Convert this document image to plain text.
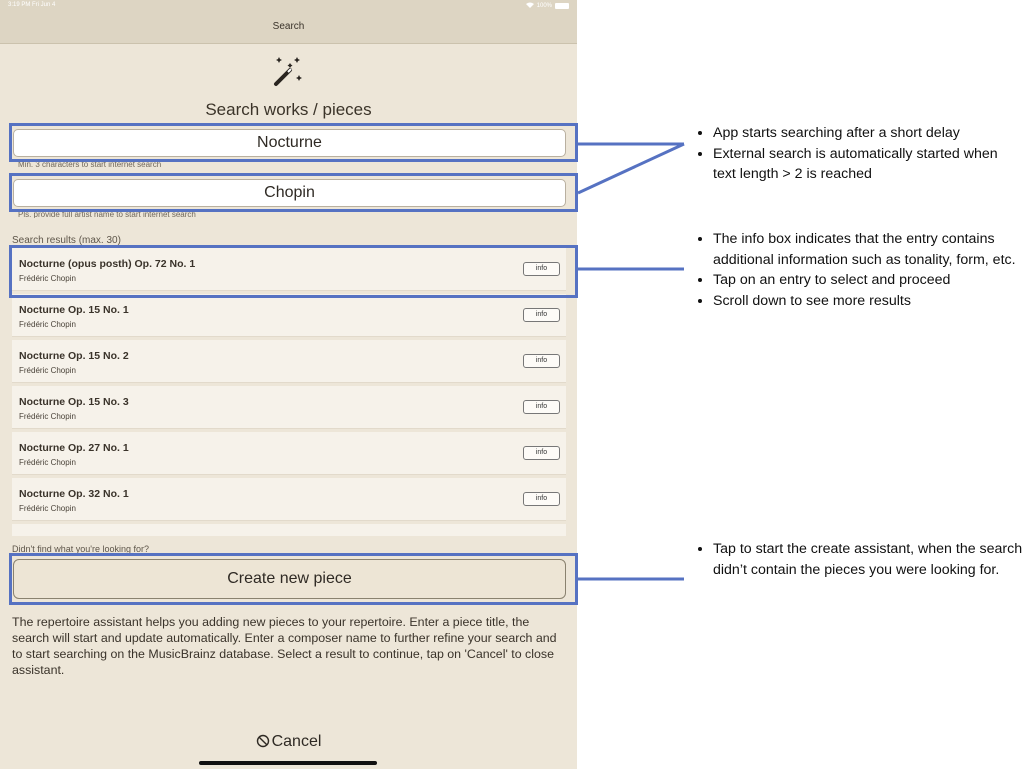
3:19 PM Fri Jun 4	100%
Search
Search works / pieces
Nocturne
Min. 3 characters to start internet search
Chopin
Pls. provide full artist name to start internet search
Search results (max. 30)
Nocturne (opus posth) Op. 72 No. 1
Frédéric Chopin
info
Nocturne Op. 15 No. 1
Frédéric Chopin
info
Nocturne Op. 15 No. 2
Frédéric Chopin
info
Nocturne Op. 15 No. 3
Frédéric Chopin
info
Nocturne Op. 27 No. 1
Frédéric Chopin
info
Nocturne Op. 32 No. 1
Frédéric Chopin
info
Didn't find what you're looking for?
Create new piece
The repertoire assistant helps you adding new pieces to your repertoire. Enter a piece title, the search will start and update automatically. Enter a composer name to further refine your search and to start searching on the MusicBrainz database. Select a result to continue, tap on 'Cancel' to close assistant.
Cancel
• App starts searching after a short delay
• External search is automatically started when text length > 2 is reached
• The info box indicates that the entry contains additional information such as tonality, form, etc.
• Tap on an entry to select and proceed
• Scroll down to see more results
• Tap to start the create assistant, when the search didn’t contain the pieces you were looking for.
